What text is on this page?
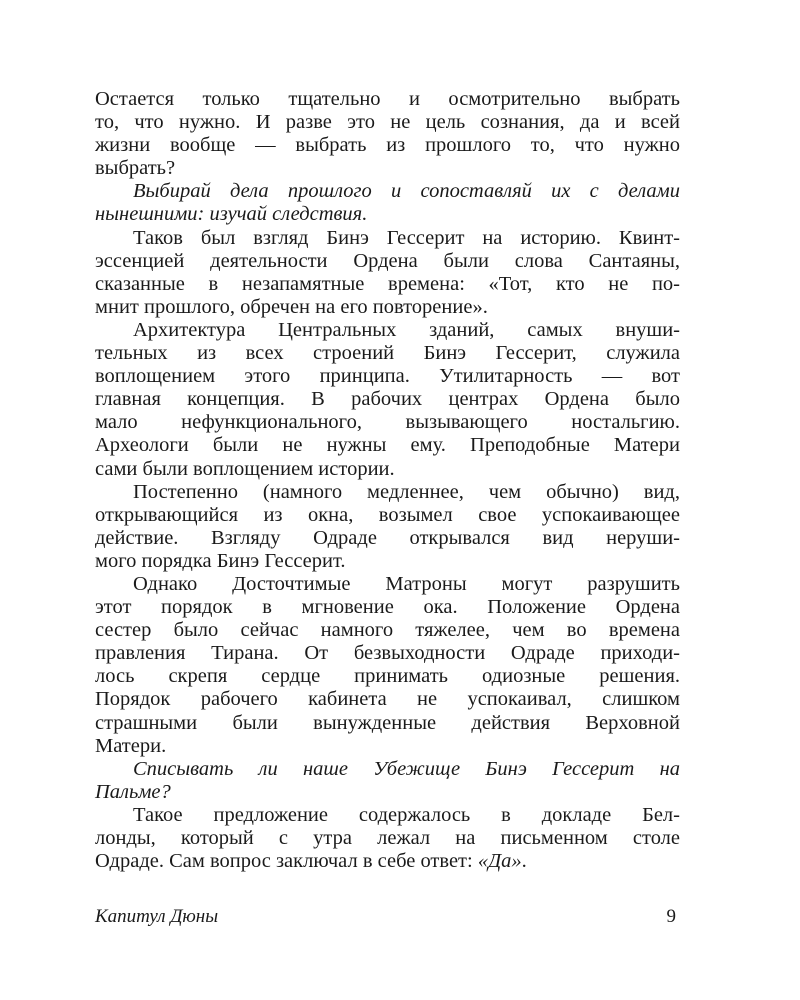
Остается только тщательно и осмотрительно выбрать
то, что нужно. И разве это не цель сознания, да и всей
жизни вообще — выбрать из прошлого то, что нужно
выбрать?
Выбирай дела прошлого и сопоставляй их с делами
нынешними: изучай следствия.
Таков был взгляд Бинэ Гессерит на историю. Квинт-
эссенцией деятельности Ордена были слова Сантаяны,
сказанные в незапамятные времена: «Тот, кто не по-
мнит прошлого, обречен на его повторение».
Архитектура Центральных зданий, самых внуши-
тельных из всех строений Бинэ Гессерит, служила
воплощением этого принципа. Утилитарность — вот
главная концепция. В рабочих центрах Ордена было
мало нефункционального, вызывающего ностальгию.
Археологи были не нужны ему. Преподобные Матери
сами были воплощением истории.
Постепенно (намного медленнее, чем обычно) вид,
открывающийся из окна, возымел свое успокаивающее
действие. Взгляду Одраде открывался вид неруши-
мого порядка Бинэ Гессерит.
Однако Досточтимые Матроны могут разрушить
этот порядок в мгновение ока. Положение Ордена
сестер было сейчас намного тяжелее, чем во времена
правления Тирана. От безвыходности Одраде приходи-
лось скрепя сердце принимать одиозные решения.
Порядок рабочего кабинета не успокаивал, слишком
страшными были вынужденные действия Верховной
Матери.
Списывать ли наше Убежище Бинэ Гессерит на
Пальме?
Такое предложение содержалось в докладе Бел-
лонды, который с утра лежал на письменном столе
Одраде. Сам вопрос заключал в себе ответ: «Да».
Капитул Дюны	9
